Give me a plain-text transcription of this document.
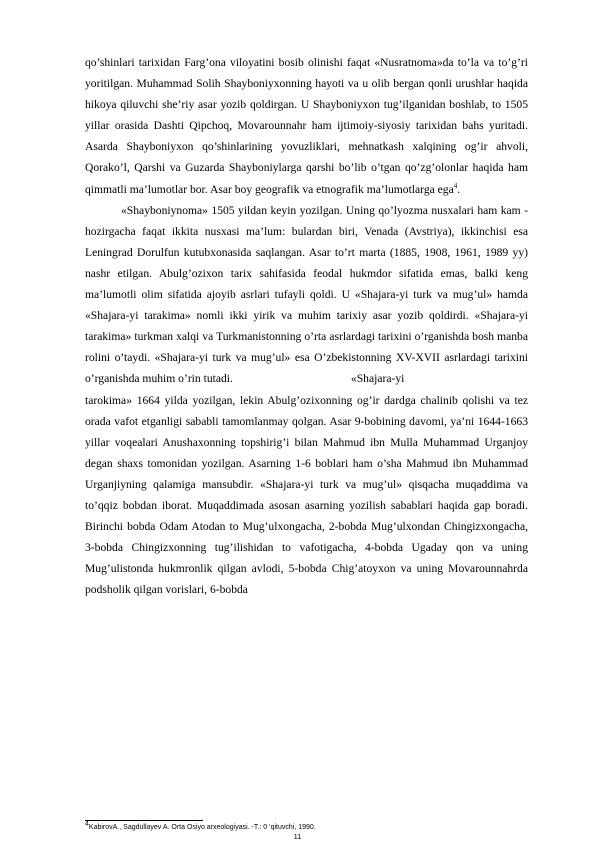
qo’shinlari tarixidan Farg’ona viloyatini bosib olinishi faqat «Nusratnoma»da to’la va to’g’ri yoritilgan. Muhammad Solih Shayboniyxonning hayoti va u olib bergan qonli urushlar haqida hikoya qiluvchi she’riy asar yozib qoldirgan. U Shayboniyxon tug’ilganidan boshlab, to 1505 yillar orasida Dashti Qipchoq, Movarounnahr ham ijtimoiy-siyosiy tarixidan bahs yuritadi. Asarda Shayboniyxon qo’shinlarining yovuzliklari, mehnatkash xalqining og’ir ahvoli, Qorako’l, Qarshi va Guzarda Shayboniylarga qarshi bo’lib o’tgan qo’zg’olonlar haqida ham qimmatli ma’lumotlar bor. Asar boy geografik va etnografik ma’lumotlarga ega$^4$.

«Shayboniynoma» 1505 yildan keyin yozilgan. Uning qo’lyozma nusxalari ham kam - hozirgacha faqat ikkita nusxasi ma’lum: bulardan biri, Venada (Avstriya), ikkinchisi esa Leningrad Dorulfun kutubxonasida saqlangan. Asar to’rt marta (1885, 1908, 1961, 1989 yy) nashr etilgan. Abulg’ozixon tarix sahifasida feodal hukmdor sifatida emas, balki keng ma’lumotli olim sifatida ajoyib asrlari tufayli qoldi. U «Shajara-yi turk va mug’ul» hamda «Shajara-yi tarakima» nomli ikki yirik va muhim tarixiy asar yozib qoldirdi. «Shajara-yi tarakima» turkman xalqi va Turkmanistonning o’rta asrlardagi tarixini o’rganishda bosh manba rolini o’taydi. «Shajara-yi turk va mug’ul» esa O’zbekistonning XV-XVII asrlardagi tarixini o’rganishda muhim o’rin tutadi.	«Shajara-yi

tarokima» 1664 yilda yozilgan, lekin Abulg’ozixonning og’ir dardga chalinib qolishi va tez orada vafot etganligi sababli tamomlanmay qolgan. Asar 9-bobining davomi, ya’ni 1644-1663 yillar voqealari Anushaxonning topshirig’i bilan Mahmud ibn Mulla Muhammad Urganjoy degan shaxs tomonidan yozilgan. Asarning 1-6 boblari ham o’sha Mahmud ibn Muhammad Urganjiyning qalamiga mansubdir. «Shajara-yi turk va mug’ul» qisqacha muqaddima va to’qqiz bobdan iborat. Muqaddimada asosan asarning yozilish sabablari haqida gap boradi. Birinchi bobda Odam Atodan to Mug’ulxongacha, 2-bobda Mug’ulxondan Chingizxongacha, 3-bobda Chingizxonning tug’ilishidan to vafotigacha, 4-bobda Ugaday qon va uning Mug’ulistonda hukmronlik qilgan avlodi, 5-bobda Chig’atoyxon va uning Movarounnahrda podsholik qilgan vorislari, 6-bobda

$^4$KabirovA., Sagdullayev A. Orta Osiyo arxeologiyasi. -T.: 0 ‘qituvchi, 1990.
11
